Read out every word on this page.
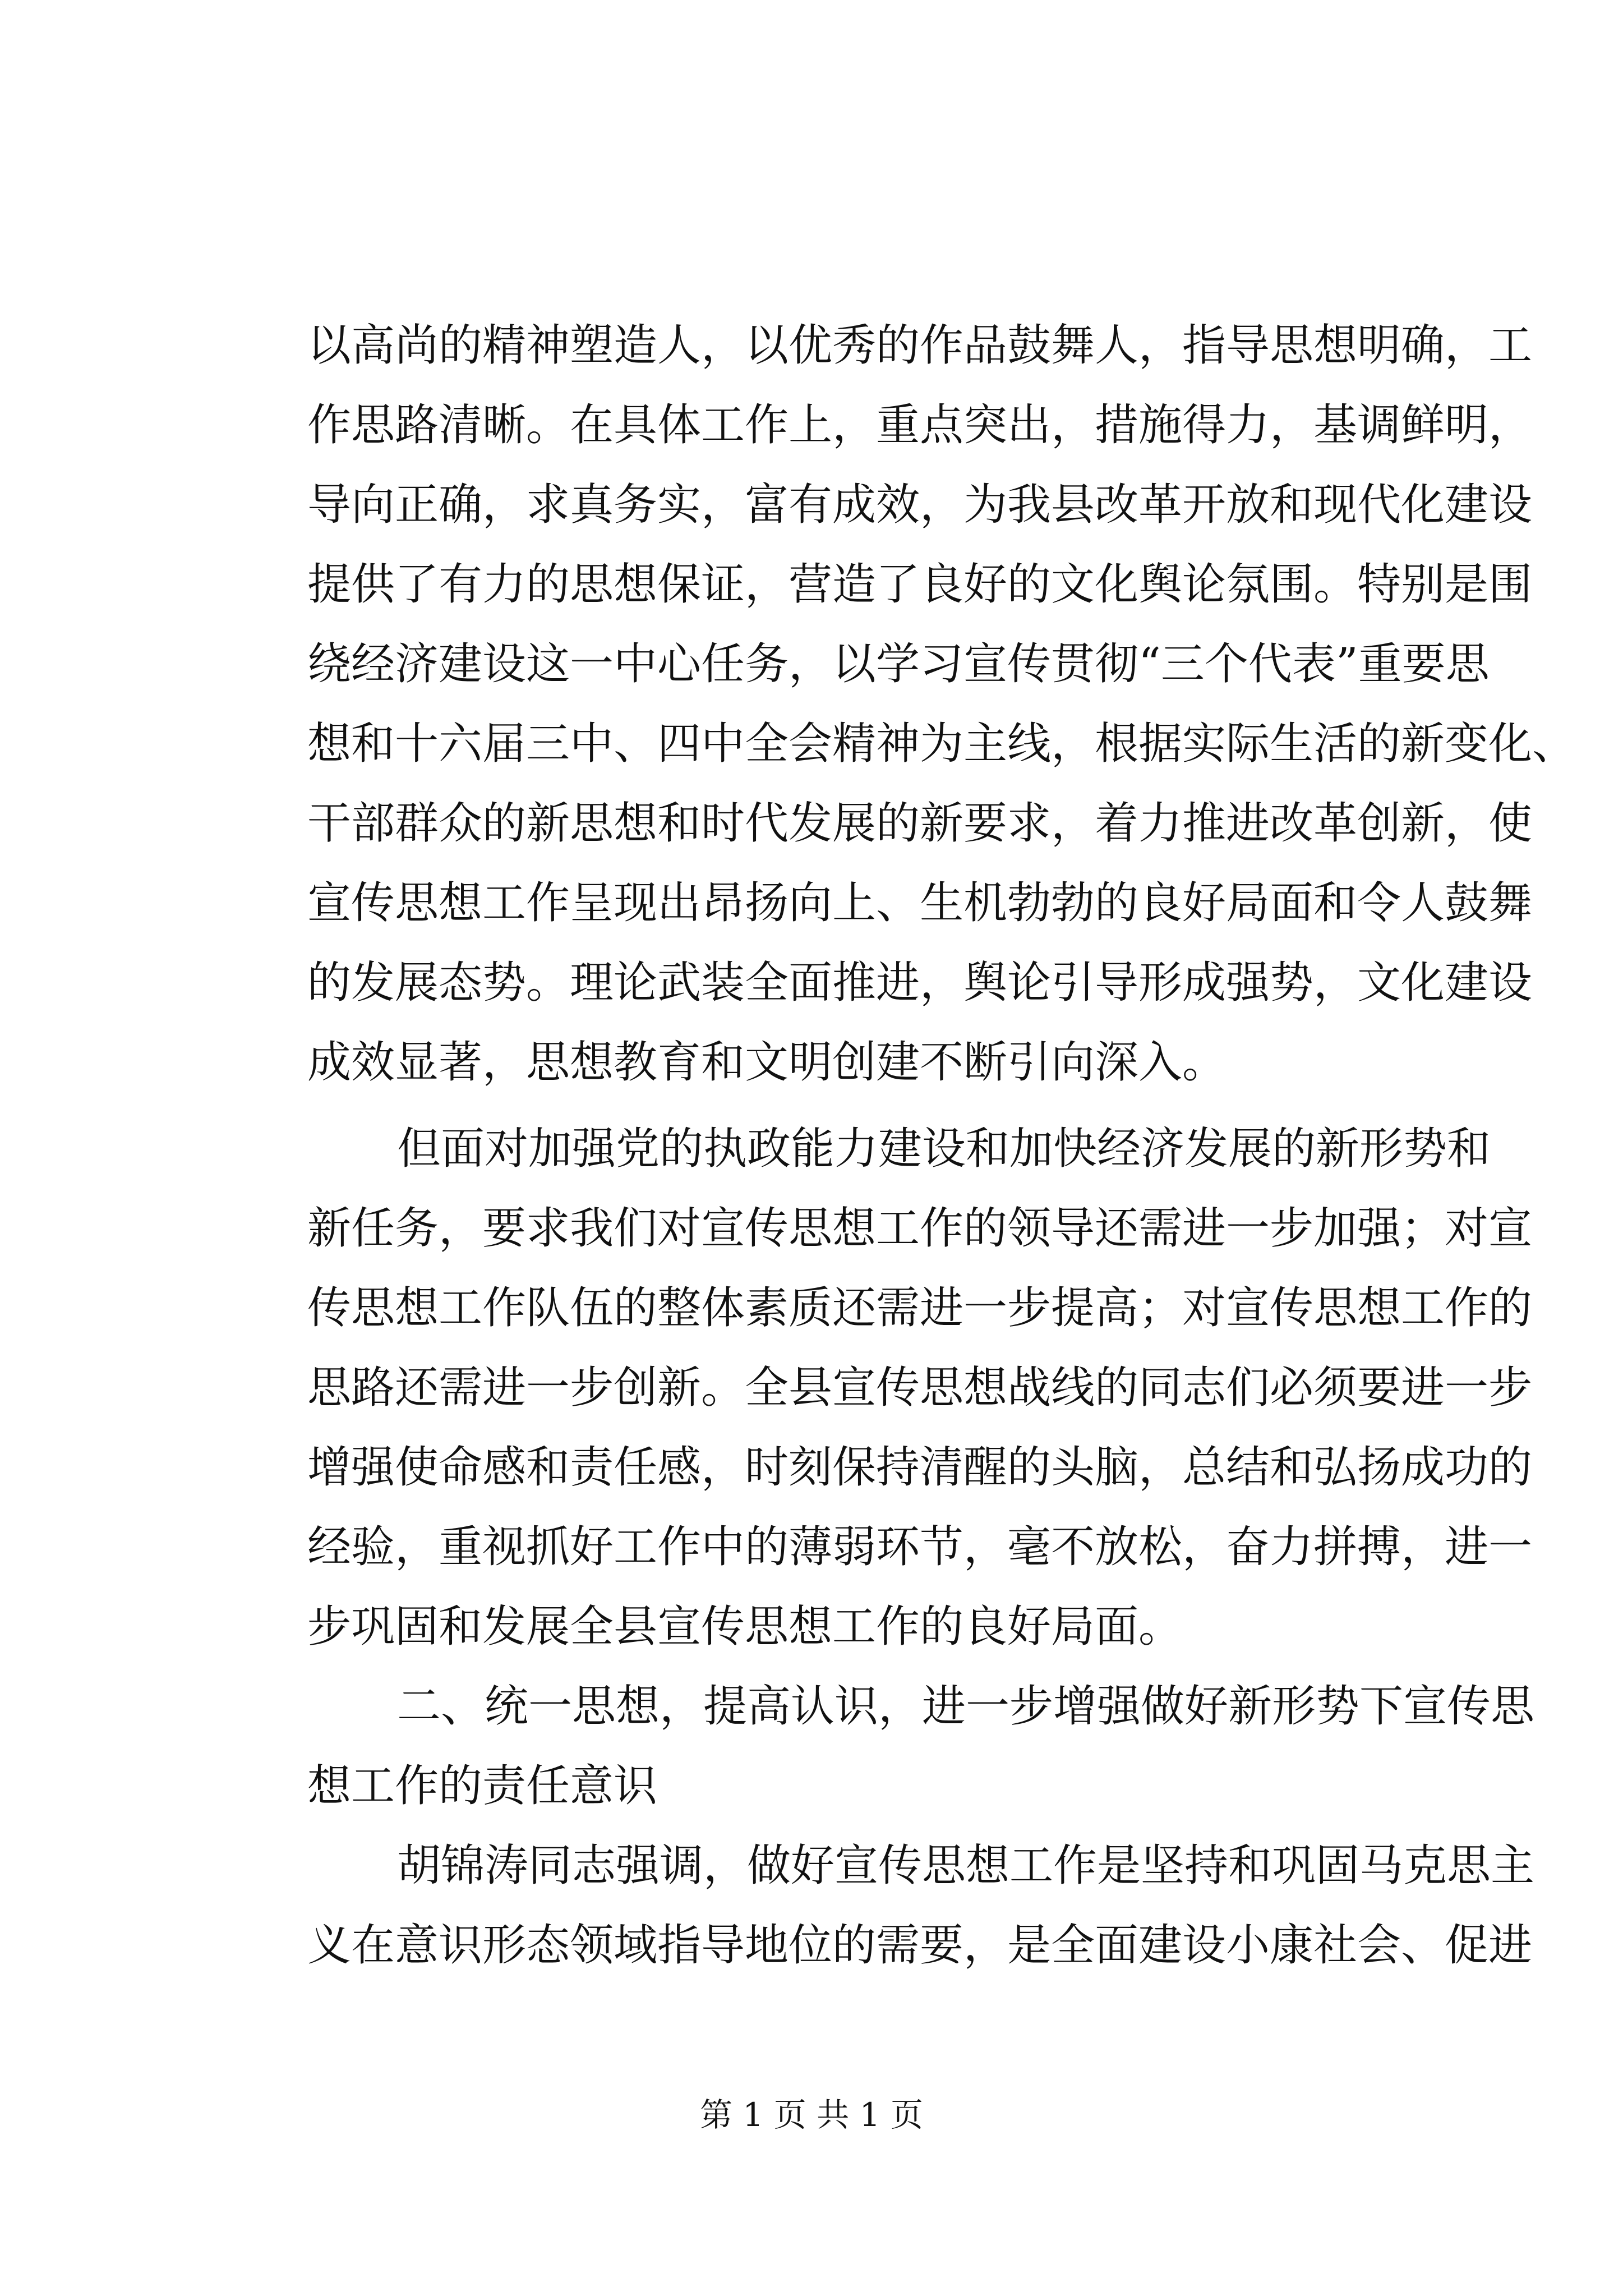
以高尚的精神塑造人，以优秀的作品鼓舞人，指导思想明确，工
作思路清晰。在具体工作上，重点突出，措施得力，基调鲜明，
导向正确，求真务实，富有成效，为我县改革开放和现代化建设
提供了有力的思想保证，营造了良好的文化舆论氛围。特别是围
绕经济建设这一中心任务，以学习宣传贯彻“三个代表”重要思
想和十六届三中、四中全会精神为主线，根据实际生活的新变化、
干部群众的新思想和时代发展的新要求，着力推进改革创新，使
宣传思想工作呈现出昂扬向上、生机勃勃的良好局面和令人鼓舞
的发展态势。理论武装全面推进，舆论引导形成强势，文化建设
成效显著，思想教育和文明创建不断引向深入。
但面对加强党的执政能力建设和加快经济发展的新形势和
新任务，要求我们对宣传思想工作的领导还需进一步加强；对宣
传思想工作队伍的整体素质还需进一步提高；对宣传思想工作的
思路还需进一步创新。全县宣传思想战线的同志们必须要进一步
增强使命感和责任感，时刻保持清醒的头脑，总结和弘扬成功的
经验，重视抓好工作中的薄弱环节，毫不放松，奋力拼搏，进一
步巩固和发展全县宣传思想工作的良好局面。
二、统一思想，提高认识，进一步增强做好新形势下宣传思
想工作的责任意识
胡锦涛同志强调，做好宣传思想工作是坚持和巩固马克思主
义在意识形态领域指导地位的需要，是全面建设小康社会、促进
第 1 页 共 1 页
